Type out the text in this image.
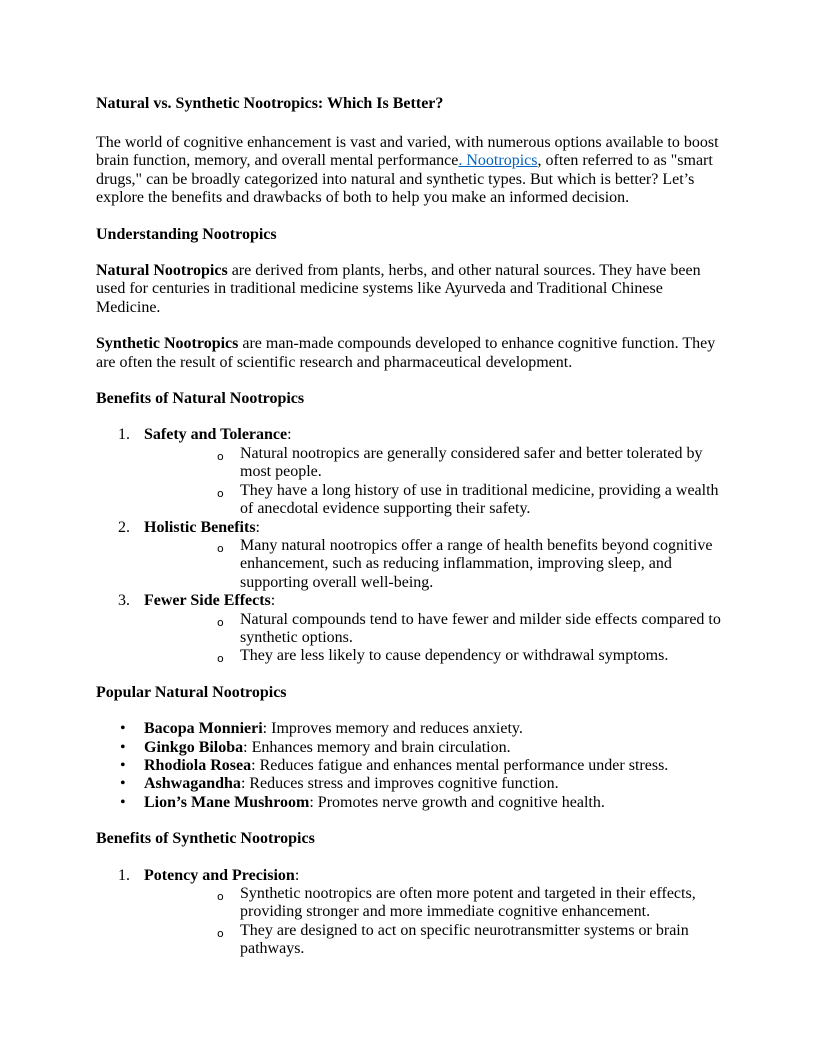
Natural vs. Synthetic Nootropics: Which Is Better?

The world of cognitive enhancement is vast and varied, with numerous options available to boost brain function, memory, and overall mental performance. Nootropics, often referred to as "smart drugs," can be broadly categorized into natural and synthetic types. But which is better? Let’s explore the benefits and drawbacks of both to help you make an informed decision.

Understanding Nootropics

Natural Nootropics are derived from plants, herbs, and other natural sources. They have been used for centuries in traditional medicine systems like Ayurveda and Traditional Chinese Medicine.

Synthetic Nootropics are man-made compounds developed to enhance cognitive function. They are often the result of scientific research and pharmaceutical development.

Benefits of Natural Nootropics
1. Safety and Tolerance:
o Natural nootropics are generally considered safer and better tolerated by most people.
o They have a long history of use in traditional medicine, providing a wealth of anecdotal evidence supporting their safety.
2. Holistic Benefits:
o Many natural nootropics offer a range of health benefits beyond cognitive enhancement, such as reducing inflammation, improving sleep, and supporting overall well-being.
3. Fewer Side Effects:
o Natural compounds tend to have fewer and milder side effects compared to synthetic options.
o They are less likely to cause dependency or withdrawal symptoms.
Popular Natural Nootropics
• Bacopa Monnieri: Improves memory and reduces anxiety.
• Ginkgo Biloba: Enhances memory and brain circulation.
• Rhodiola Rosea: Reduces fatigue and enhances mental performance under stress.
• Ashwagandha: Reduces stress and improves cognitive function.
• Lion’s Mane Mushroom: Promotes nerve growth and cognitive health.
Benefits of Synthetic Nootropics
1. Potency and Precision:
o Synthetic nootropics are often more potent and targeted in their effects, providing stronger and more immediate cognitive enhancement.
o They are designed to act on specific neurotransmitter systems or brain pathways.
